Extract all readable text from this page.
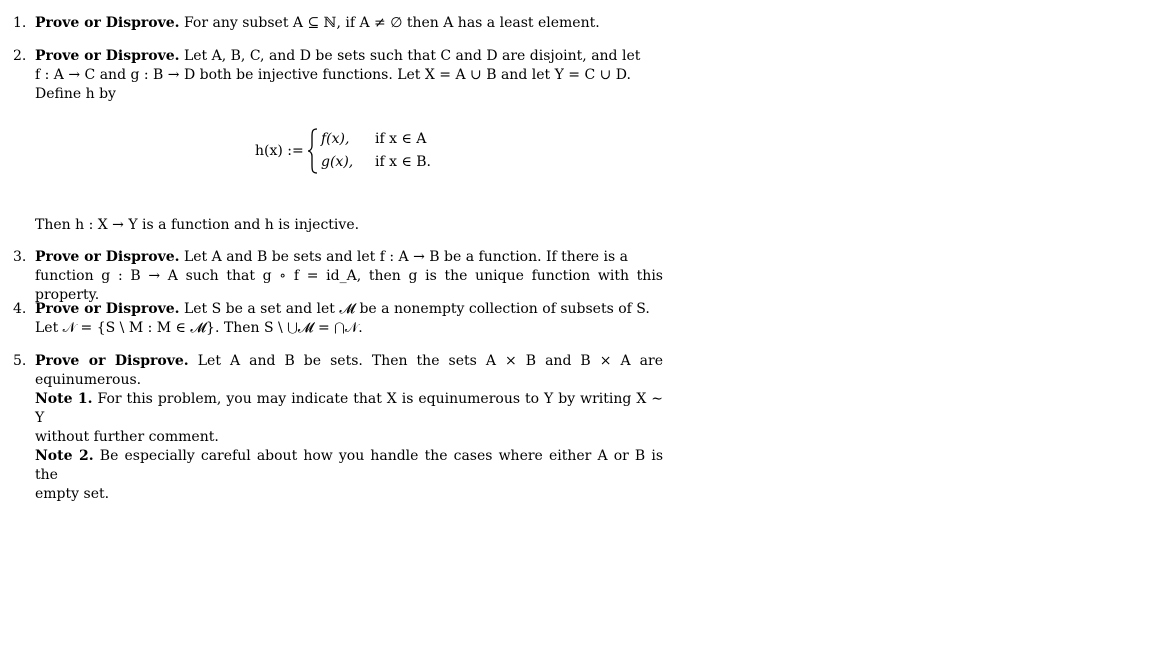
1. Prove or Disprove. For any subset A ⊆ ℕ, if A ≠ ∅ then A has a least element.

2. Prove or Disprove. Let A, B, C, and D be sets such that C and D are disjoint, and let

f : A → C and g : B → D both be injective functions. Let X = A ∪ B and let Y = C ∪ D.

Define h by

h(x) :=
f(x), if x ∈ A
g(x), if x ∈ B.

Then h : X → Y is a function and h is injective.

3. Prove or Disprove. Let A and B be sets and let f : A → B be a function. If there is a

function g : B → A such that g ∘ f = id_A, then g is the unique function with this property.

4. Prove or Disprove. Let S be a set and let 𝓜 be a nonempty collection of subsets of S.

Let 𝒩 = {S \ M : M ∈ 𝓜}. Then S \ ⋃𝓜 = ⋂𝒩.

5. Prove or Disprove. Let A and B be sets. Then the sets A × B and B × A are equinumerous.

Note 1. For this problem, you may indicate that X is equinumerous to Y by writing X ∼ Y

without further comment.

Note 2. Be especially careful about how you handle the cases where either A or B is the

empty set.
